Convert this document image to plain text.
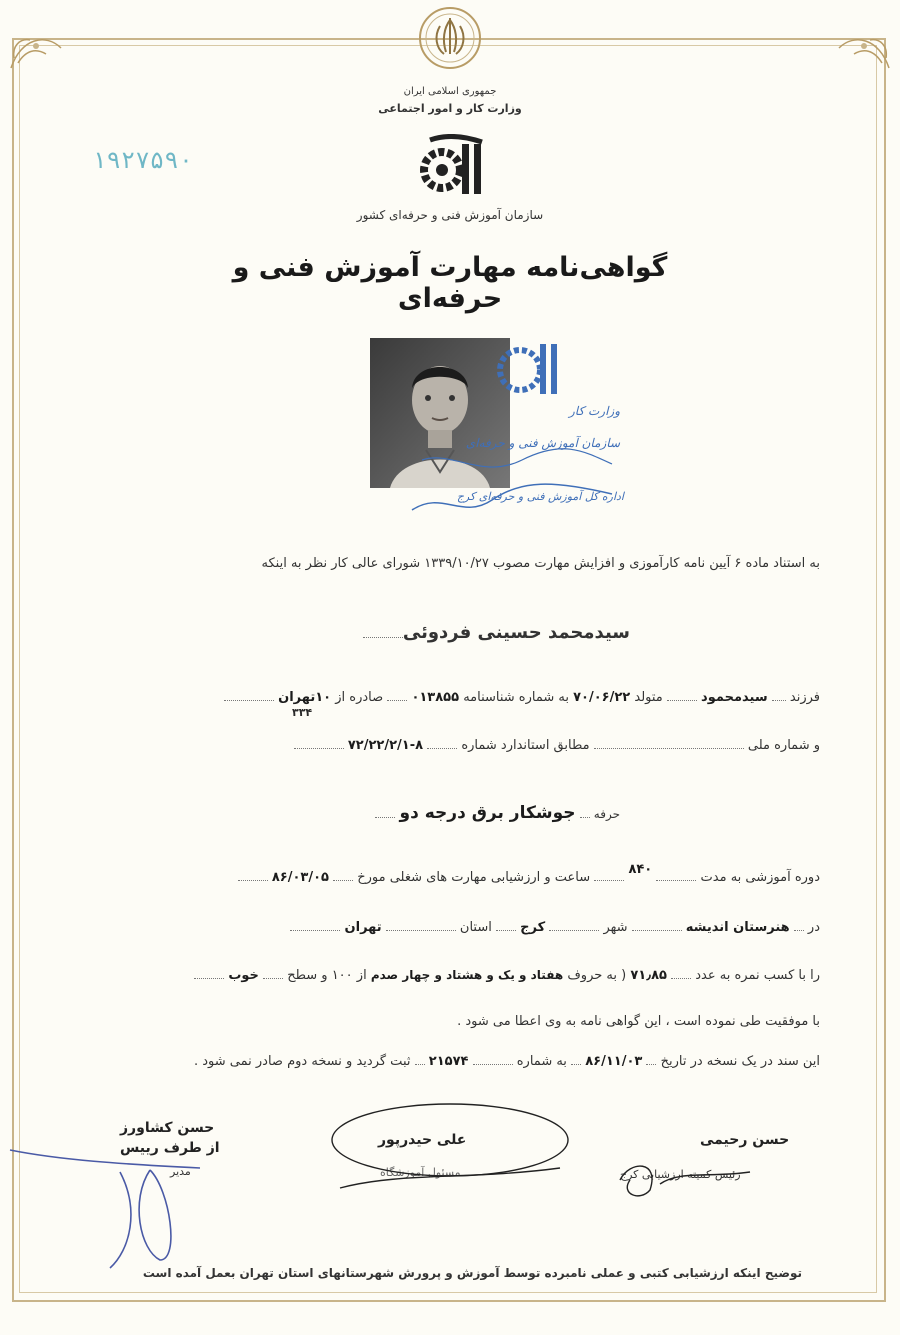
جمهوری اسلامی ایران
وزارت کار و امور اجتماعی
۱۹۲۷۵۹۰
سازمان آموزش فنی و حرفه‌ای کشور
گواهی‌نامه مهارت آموزش فنی و حرفه‌ای
وزارت کار
سازمان آموزش فنی و حرفه‌ای
اداره کل آموزش فنی و حرفه‌ای کرج
به استناد ماده ۶ آیین نامه کارآموزی و افزایش مهارت مصوب ۱۳۳۹/۱۰/۲۷ شورای عالی کار نظر به اینکه
سیدمحمد حسینی فردوئی
فرزند  سیدمحمود  متولد ۷۰/۰۶/۲۲ به شماره شناسنامه ۰۱۳۸۵۵  صادره از ۱۰تهران
۳۳۴
و شماره ملی  مطابق استاندارد شماره  ۸-۷۲/۲۲/۲/۱
حرفه  جوشکار برق درجه دو
دوره آموزشی به مدت  ۸۴۰  ساعت و ارزشیابی مهارت های شغلی مورخ  ۸۶/۰۳/۰۵
در  هنرستان اندیشه  شهر  کرج  استان  تهران
را با کسب نمره به عدد  ۷۱٫۸۵ ( به حروف هفتاد و یک و هشتاد و چهار صدم از ۱۰۰ و سطح  خوب
با موفقیت طی نموده است ، این گواهی نامه به وی اعطا می شود .
این سند در یک نسخه در تاریخ  ۸۶/۱۱/۰۳  به شماره  ۲۱۵۷۴  ثبت گردید و نسخه دوم صادر نمی شود .
حسن کشاورز
از طرف رییس
مدیر
علی حیدرپور
مسئول آموزشگاه
حسن رحیمی
رئیس کمیته ارزشیابی کرج
توضیح اینکه ارزشیابی کتبی و عملی نامبرده توسط آموزش و پرورش شهرستانهای استان تهران بعمل آمده است
